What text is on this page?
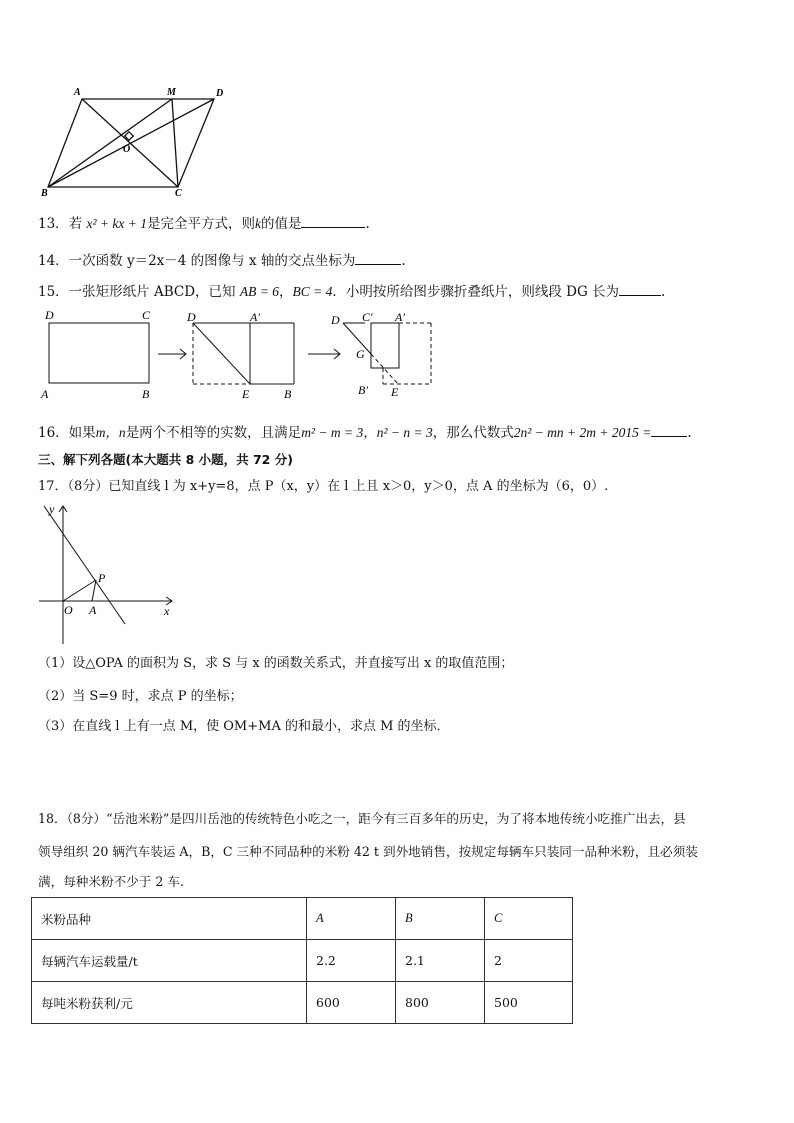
A	M	D
O
B	C
13．若 x² + kx + 1是完全平方式，则k的值是	.
14．一次函数 y＝2x－4 的图像与 x 轴的交点坐标为	.
15．一张矩形纸片 ABCD，已知 AB = 6，BC = 4．小明按所给图步骤折叠纸片，则线段 DG 长为	.
D	C
A	B
D	A′
E	B
D C′ A′
G
B′ E
16．如果m，n是两个不相等的实数，且满足m² − m = 3，n² − n = 3，那么代数式2n² − mn + 2m + 2015 =	.
三、解下列各题(本大题共 8 小题，共 72 分)
17．（8分）已知直线 l 为 x+y=8，点 P（x，y）在 l 上且 x＞0，y＞0，点 A 的坐标为（6，0）.
y
x
O A
P
（1）设△OPA 的面积为 S，求 S 与 x 的函数关系式，并直接写出 x 的取值范围；
（2）当 S=9 时，求点 P 的坐标；
（3）在直线 l 上有一点 M，使 OM+MA 的和最小，求点 M 的坐标．
18．（8分）“岳池米粉”是四川岳池的传统特色小吃之一，距今有三百多年的历史，为了将本地传统小吃推广出去，县
领导组织 20 辆汽车装运 A，B，C 三种不同品种的米粉 42 t 到外地销售，按规定每辆车只装同一品种米粉，且必须装
满，每种米粉不少于 2 车.
米粉品种	A	B	C
每辆汽车运载量/t	2.2	2.1	2
每吨米粉获利/元	600	800	500
